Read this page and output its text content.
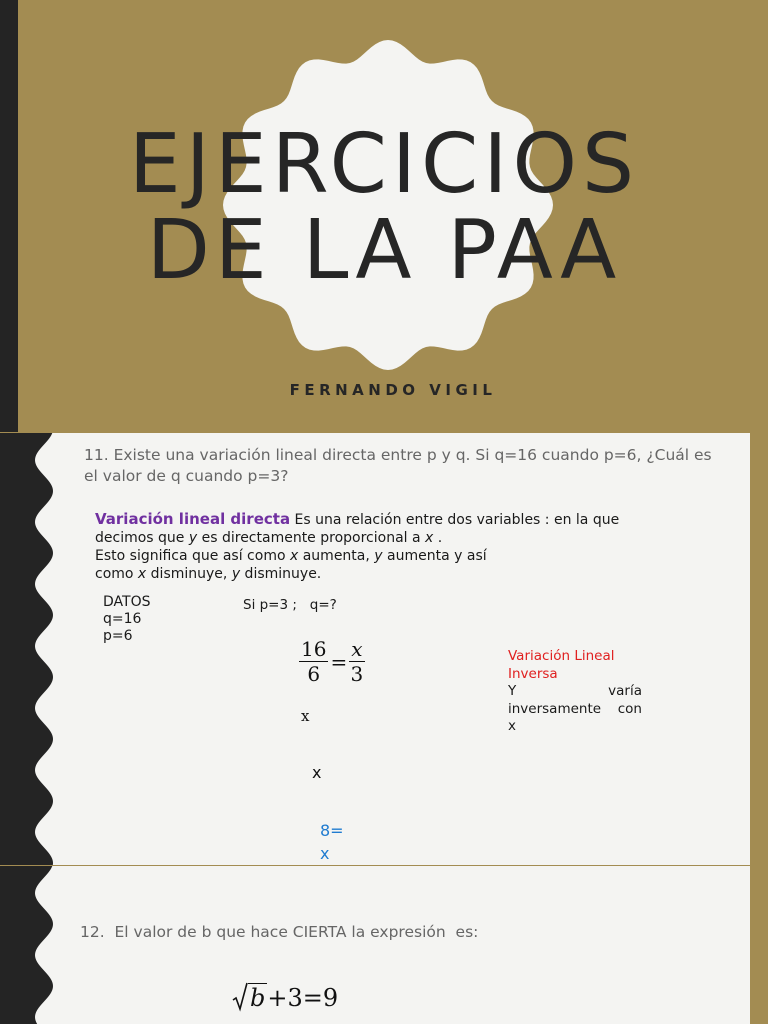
EJERCICIOS
DE LA PAA
FERNANDO VIGIL
11. Existe una variación lineal directa entre p y q. Si q=16 cuando p=6, ¿Cuál es el valor de q cuando p=3?
Variación lineal directa Es una relación entre dos variables : en la que decimos que y es directamente proporcional a x .
Esto significa que así como x aumenta, y aumenta y así
como x disminuye, y disminuye.
DATOS
q=16
p=6
Si p=3 ;   q=?
$\frac{16}{6} = \frac{x}{3}$
x
x
8=
x
Variación Lineal Inversa
Y	varía
inversamente con
x
12.  El valor de b que hace CIERTA la expresión  es:
b +3=9
